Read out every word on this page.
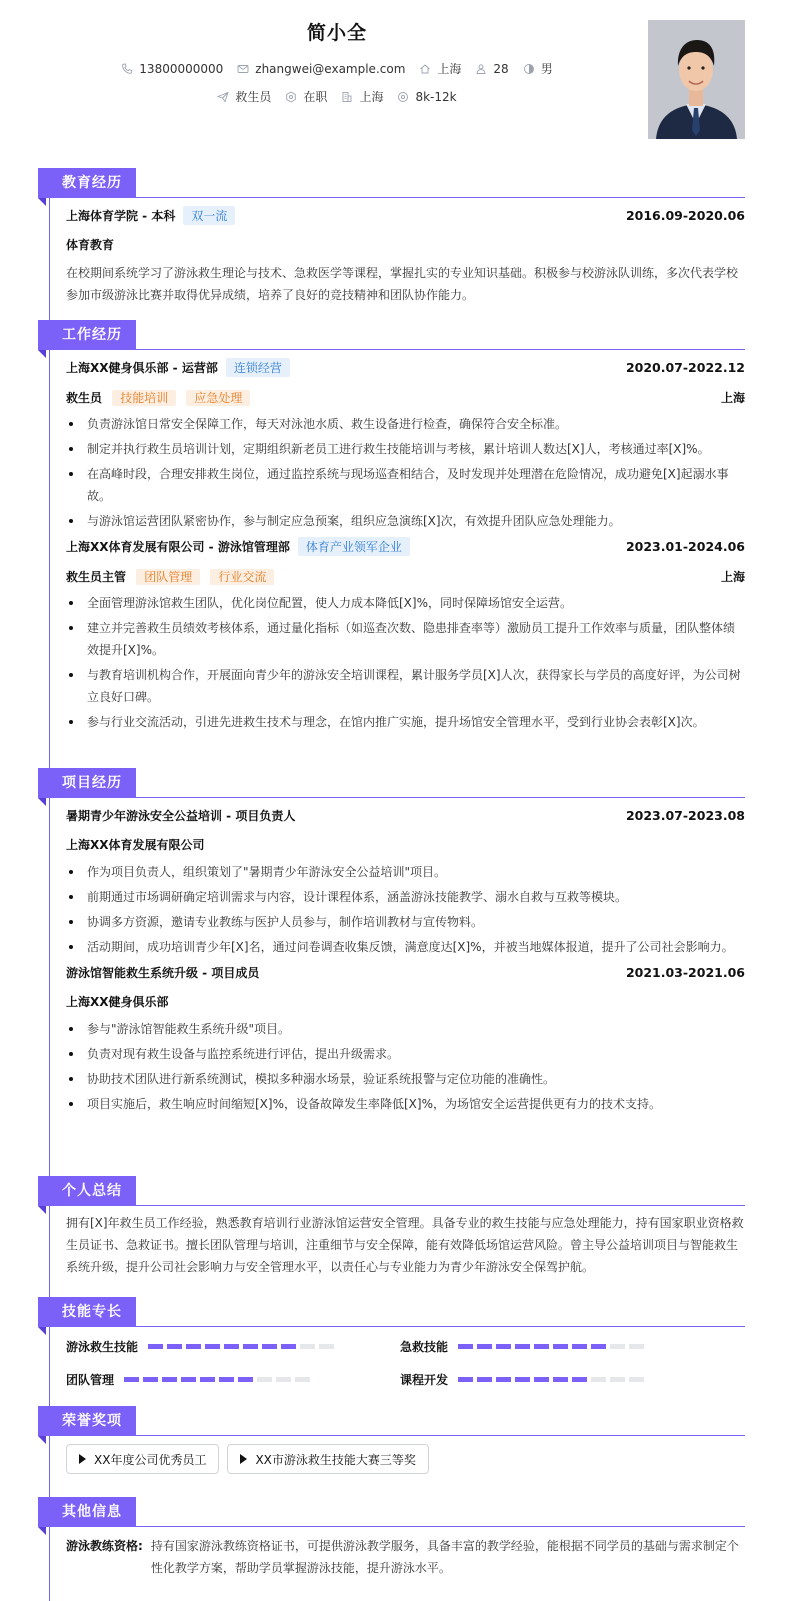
简小全
13800000000	zhangwei@example.com	上海	28	男
救生员	在职	上海	8k-12k
教育经历
上海体育学院 - 本科	双一流	2016.09-2020.06
体育教育
在校期间系统学习了游泳救生理论与技术、急救医学等课程，掌握扎实的专业知识基础。积极参与校游泳队训练，多次代表学校参加市级游泳比赛并取得优异成绩，培养了良好的竞技精神和团队协作能力。
工作经历
上海XX健身俱乐部 - 运营部	连锁经营	2020.07-2022.12
救生员 技能培训 应急处理	上海
负责游泳馆日常安全保障工作，每天对泳池水质、救生设备进行检查，确保符合安全标准。
制定并执行救生员培训计划，定期组织新老员工进行救生技能培训与考核，累计培训人数达[X]人，考核通过率[X]%。
在高峰时段，合理安排救生岗位，通过监控系统与现场巡查相结合，及时发现并处理潜在危险情况，成功避免[X]起溺水事故。
与游泳馆运营团队紧密协作，参与制定应急预案，组织应急演练[X]次，有效提升团队应急处理能力。
上海XX体育发展有限公司 - 游泳馆管理部	体育产业领军企业	2023.01-2024.06
救生员主管 团队管理 行业交流	上海
全面管理游泳馆救生团队，优化岗位配置，使人力成本降低[X]%，同时保障场馆安全运营。
建立并完善救生员绩效考核体系，通过量化指标（如巡查次数、隐患排查率等）激励员工提升工作效率与质量，团队整体绩效提升[X]%。
与教育培训机构合作，开展面向青少年的游泳安全培训课程，累计服务学员[X]人次，获得家长与学员的高度好评，为公司树立良好口碑。
参与行业交流活动，引进先进救生技术与理念，在馆内推广实施，提升场馆安全管理水平，受到行业协会表彰[X]次。
项目经历
暑期青少年游泳安全公益培训 - 项目负责人	2023.07-2023.08
上海XX体育发展有限公司
作为项目负责人，组织策划了"暑期青少年游泳安全公益培训"项目。
前期通过市场调研确定培训需求与内容，设计课程体系，涵盖游泳技能教学、溺水自救与互救等模块。
协调多方资源，邀请专业教练与医护人员参与，制作培训教材与宣传物料。
活动期间，成功培训青少年[X]名，通过问卷调查收集反馈，满意度达[X]%，并被当地媒体报道，提升了公司社会影响力。
游泳馆智能救生系统升级 - 项目成员	2021.03-2021.06
上海XX健身俱乐部
参与"游泳馆智能救生系统升级"项目。
负责对现有救生设备与监控系统进行评估，提出升级需求。
协助技术团队进行新系统测试，模拟多种溺水场景，验证系统报警与定位功能的准确性。
项目实施后，救生响应时间缩短[X]%，设备故障发生率降低[X]%，为场馆安全运营提供更有力的技术支持。
个人总结
拥有[X]年救生员工作经验，熟悉教育培训行业游泳馆运营安全管理。具备专业的救生技能与应急处理能力，持有国家职业资格救生员证书、急救证书。擅长团队管理与培训，注重细节与安全保障，能有效降低场馆运营风险。曾主导公益培训项目与智能救生系统升级，提升公司社会影响力与安全管理水平，以责任心与专业能力为青少年游泳安全保驾护航。
技能专长
游泳救生技能	急救技能
团队管理	课程开发
荣誉奖项
XX年度公司优秀员工	XX市游泳救生技能大赛三等奖
其他信息
游泳教练资格: 持有国家游泳教练资格证书，可提供游泳教学服务，具备丰富的教学经验，能根据不同学员的基础与需求制定个性化教学方案，帮助学员掌握游泳技能，提升游泳水平。
